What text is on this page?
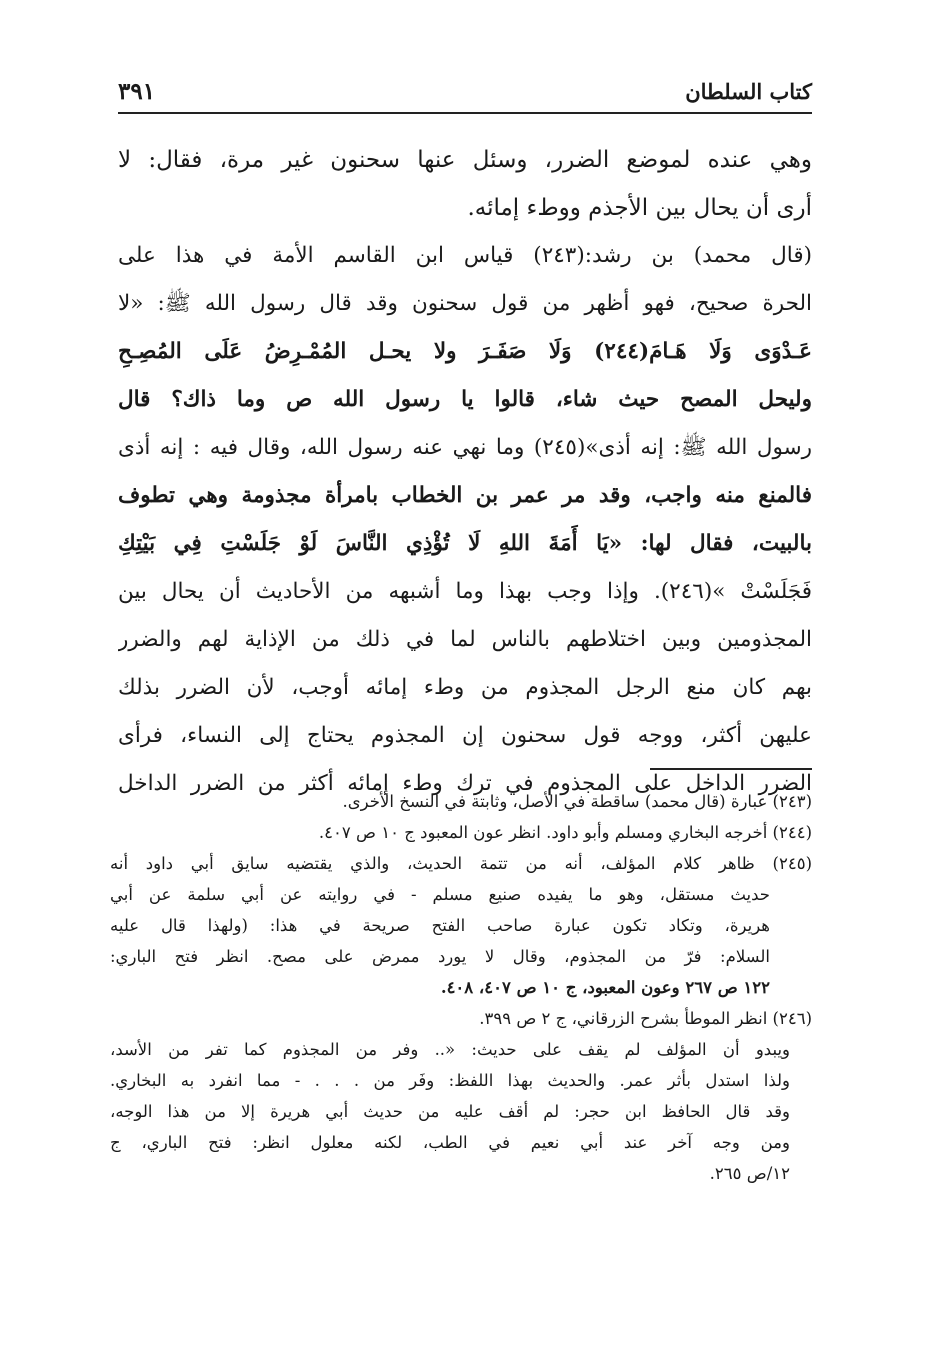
كتاب السلطان
٣٩١
وهي عنده لموضع الضرر، وسئل عنها سحنون غير مرة، فقال: لا
أرى أن يحال بين الأجذم ووطء إمائه.
(قال محمد) بن رشد:(٢٤٣) قياس ابن القاسم الأمة في هذا على
الحرة صحيح، فهو أظهر من قول سحنون وقد قال رسول الله ﷺ: «لا
عَـدْوَى وَلَا هَـامَ(٢٤٤) وَلَا صَفَـرَ ولا يحـل المُمْـرِضُ عَلَى المُصِـحِ
وليحل المصح حيث شاء، قالوا يا رسول الله ص وما ذاك؟ قال
رسول الله ﷺ: إنه أذى»(٢٤٥) وما نهي عنه رسول الله، وقال فيه : إنه أذى
فالمنع منه واجب، وقد مر عمر بن الخطاب بامرأة مجذومة وهي تطوف
بالبيت، فقال لها: «يَا أَمَةَ اللهِ لَا تُؤْذِي النَّاسَ لَوْ جَلَسْتِ فِي بَيْتِكِ
فَجَلَسْتْ »(٢٤٦). وإذا وجب بهذا وما أشبهه من الأحاديث أن يحال بين
المجذومين وبين اختلاطهم بالناس لما في ذلك من الإذاية لهم والضرر
بهم كان منع الرجل المجذوم من وطء إمائه أوجب، لأن الضرر بذلك
عليهن أكثر، ووجه قول سحنون إن المجذوم يحتاج إلى النساء، فرأى
الضرر الداخل على المجذوم في ترك وطء إمائه أكثر من الضرر الداخل
(٢٤٣) عبارة (قال محمد) ساقطة في الأصل، وثابتة في النسخ الأخرى.
(٢٤٤) أخرجه البخاري ومسلم وأبو داود. انظر عون المعبود ج ١٠ ص ٤٠٧.
(٢٤٥) ظاهر كلام المؤلف، أنه من تتمة الحديث، والذي يقتضيه سايق أبي داود أنه
حديث مستقل، وهو ما يفيده صنيع مسلم - في روايته عن أبي سلمة عن أبي
هريرة، وتكاد تكون عبارة صاحب الفتح صريحة في هذا: (ولهذا قال عليه
السلام: فرّ من المجذوم، وقال لا يورد ممرض على مصح. انظر فتح الباري:
١٢٢ ص ٢٦٧ وعون المعبود، ج ١٠ ص ٤٠٧، ٤٠٨.
(٢٤٦) انظر الموطأ بشرح الزرقاني، ج ٢ ص ٣٩٩.
ويبدو أن المؤلف لم يقف على حديث: «.. وفر من المجذوم كما تفر من الأسد،
ولذا استدل بأثر عمر. والحديث بهذا اللفظ: وفَر من . . . - مما انفرد به البخاري.
وقد قال الحافظ ابن حجر: لم أقف عليه من حديث أبي هريرة إلا من هذا الوجه،
ومن وجه آخر عند أبي نعيم في الطب، لكنه معلول انظر: فتح الباري، ج
١٢/ص ٢٦٥.
